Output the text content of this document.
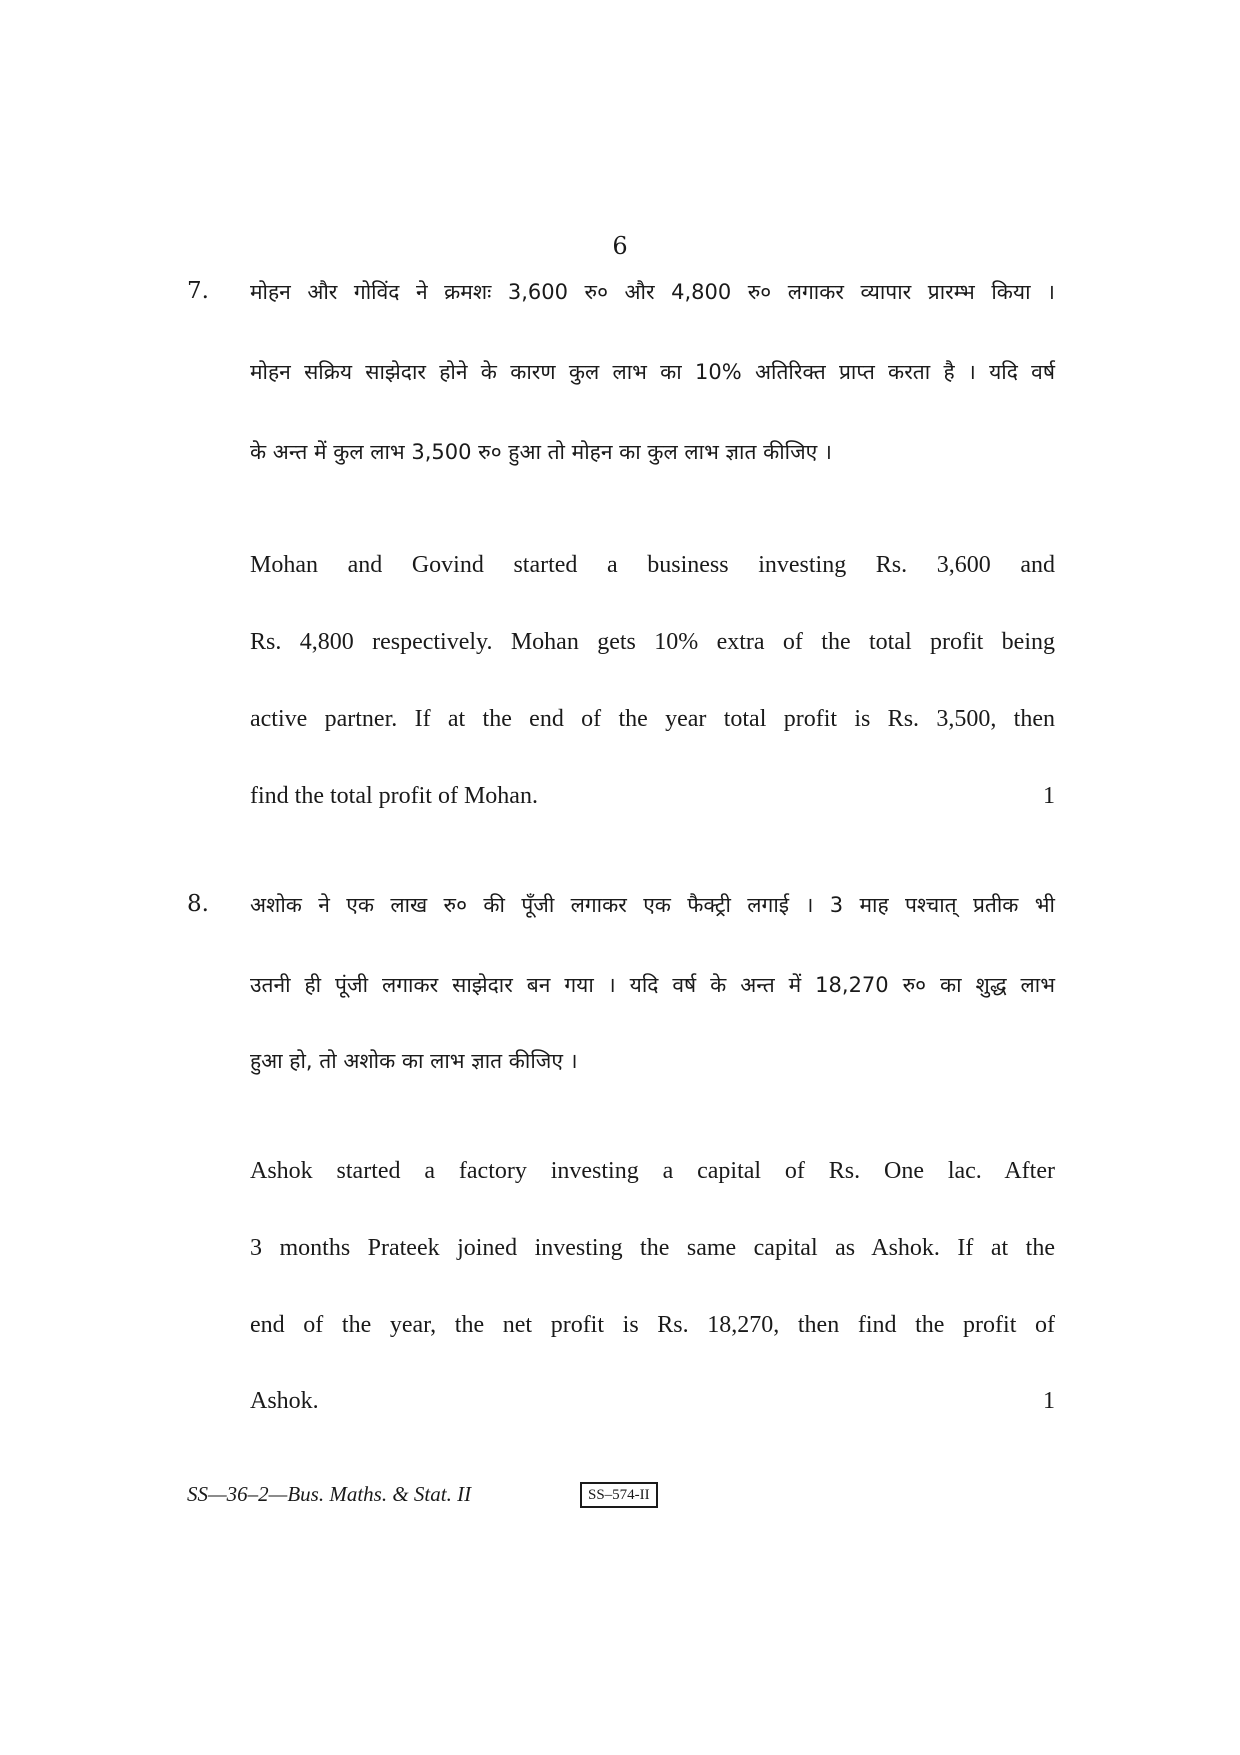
6
7. मोहन और गोविंद ने क्रमशः 3,600 रु० और 4,800 रु० लगाकर व्यापार प्रारम्भ किया ।
मोहन सक्रिय साझेदार होने के कारण कुल लाभ का 10% अतिरिक्त प्राप्त करता है । यदि वर्ष
के अन्त में कुल लाभ 3,500 रु० हुआ तो मोहन का कुल लाभ ज्ञात कीजिए ।
Mohan and Govind started a business investing Rs. 3,600 and
Rs. 4,800 respectively. Mohan gets 10% extra of the total profit being
active partner. If at the end of the year total profit is Rs. 3,500, then
find the total profit of Mohan.	1
8. अशोक ने एक लाख रु० की पूँजी लगाकर एक फैक्ट्री लगाई । 3 माह पश्चात् प्रतीक भी
उतनी ही पूंजी लगाकर साझेदार बन गया । यदि वर्ष के अन्त में 18,270 रु० का शुद्ध लाभ
हुआ हो, तो अशोक का लाभ ज्ञात कीजिए ।
Ashok started a factory investing a capital of Rs. One lac. After
3 months Prateek joined investing the same capital as Ashok. If at the
end of the year, the net profit is Rs. 18,270, then find the profit of
Ashok.	1
SS—36–2—Bus. Maths. & Stat. II	SS–574-II
